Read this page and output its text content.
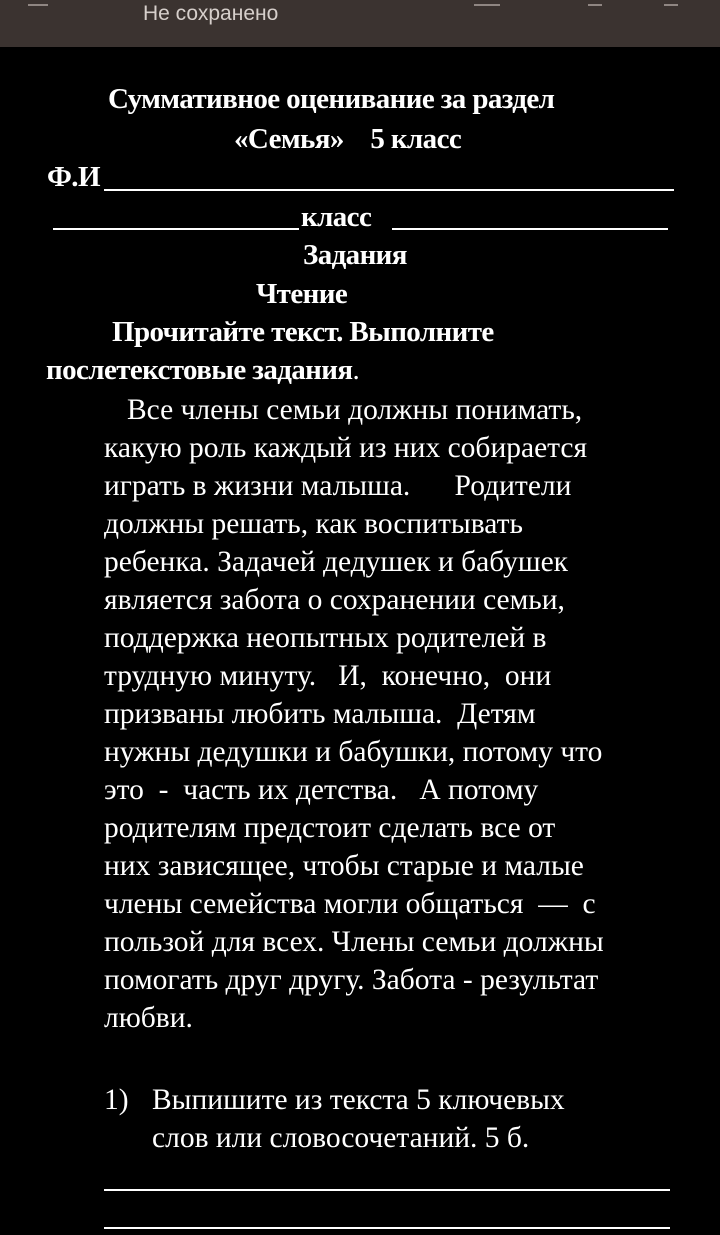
Не сохранено
Суммативное оценивание за раздел
«Семья»    5 класс
Ф.И
класс
Задания
Чтение
Прочитайте текст. Выполните
послетекстовые задания.
Все члены семьи должны понимать,
какую роль каждый из них собирается
играть в жизни малыша.      Родители
должны решать, как воспитывать
ребенка. Задачей дедушек и бабушек
является забота о сохранении семьи,
поддержка неопытных родителей в
трудную минуту.   И,  конечно,  они
призваны любить малыша.  Детям
нужны дедушки и бабушки, потому что
это  -  часть их детства.   А потому
родителям предстоит сделать все от
них зависящее, чтобы старые и малые
члены семейства могли общаться  —  с
пользой для всех. Члены семьи должны
помогать друг другу. Забота - результат
любви.
1) Выпишите из текста 5 ключевых
слов или словосочетаний. 5 б.
